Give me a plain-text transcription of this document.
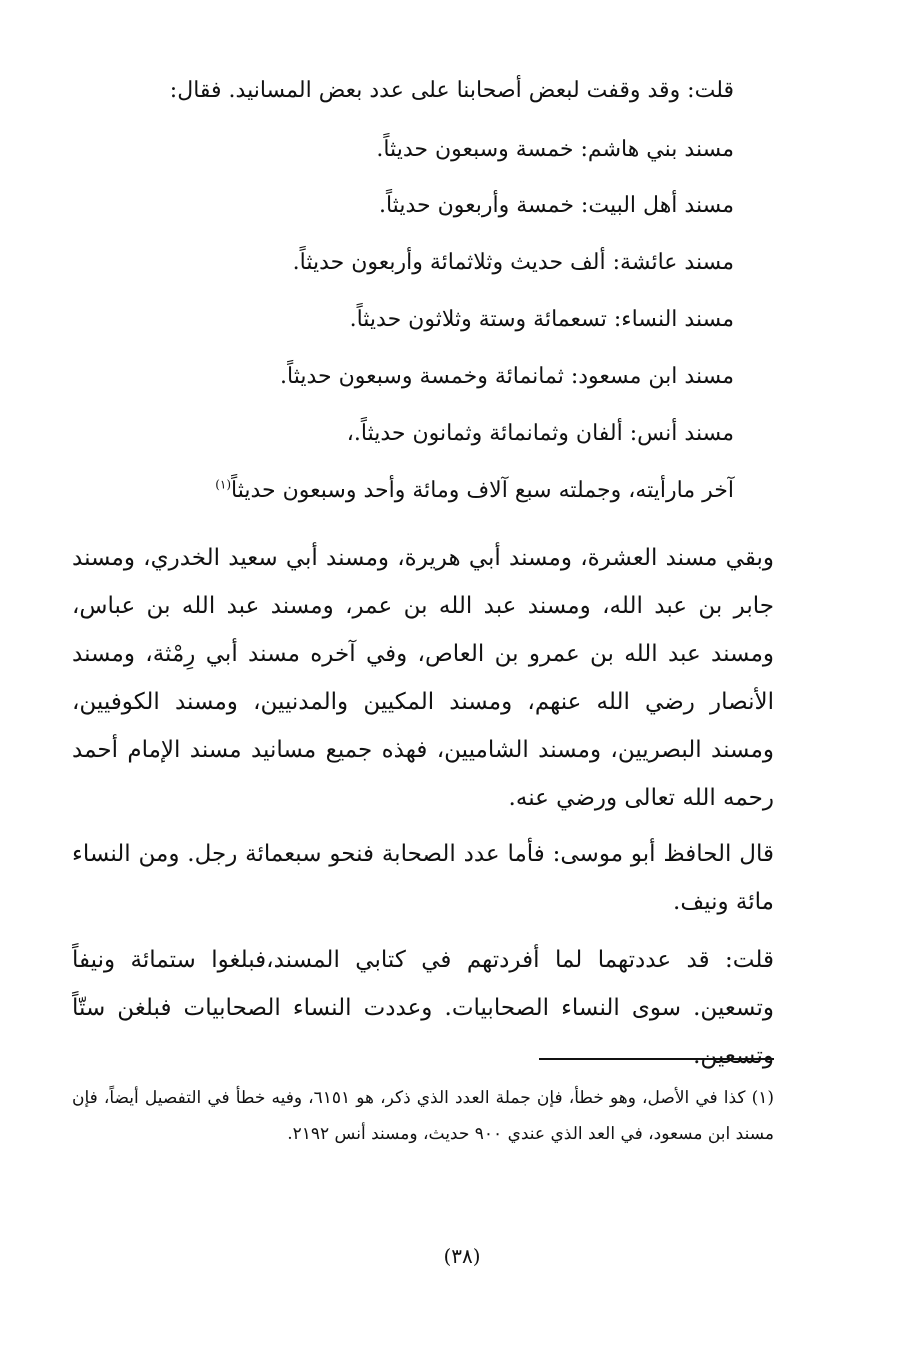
قلت: وقد وقفت لبعض أصحابنا على عدد بعض المسانيد. فقال:
مسند بني هاشم: خمسة وسبعون حديثاً.
مسند أهل البيت: خمسة وأربعون حديثاً.
مسند عائشة: ألف حديث وثلاثمائة وأربعون حديثاً.
مسند النساء: تسعمائة وستة وثلاثون حديثاً.
مسند ابن مسعود: ثمانمائة وخمسة وسبعون حديثاً.
مسند أنس: ألفان وثمانمائة وثمانون حديثاً.،
آخر مارأيته، وجملته سبع آلاف ومائة وأحد وسبعون حديثاً$^{(١)}$
وبقي مسند العشرة، ومسند أبي هريرة، ومسند أبي سعيد الخدري، ومسند جابر بن عبد الله، ومسند عبد الله بن عمر، ومسند عبد الله بن عباس، ومسند عبد الله بن عمرو بن العاص، وفي آخره مسند أبي رِمْثة، ومسند الأنصار رضي الله عنهم، ومسند المكيين والمدنيين، ومسند الكوفيين، ومسند البصريين، ومسند الشاميين، فهذه جميع مسانيد مسند الإمام أحمد رحمه الله تعالى ورضي عنه.
قال الحافظ أبو موسى: فأما عدد الصحابة فنحو سبعمائة رجل. ومن النساء مائة ونيف.
قلت: قد عددتهما لما أفردتهم في كتابي المسند،فبلغوا ستمائة ونيفاً وتسعين. سوى النساء الصحابيات. وعددت النساء الصحابيات فبلغن ستّاً وتسعين.
(١) كذا في الأصل، وهو خطأ، فإن جملة العدد الذي ذكر، هو ٦١٥١، وفيه خطأ في التفصيل أيضاً، فإن مسند ابن مسعود، في العد الذي عندي ٩٠٠ حديث، ومسند أنس ٢١٩٢.
(٣٨)
